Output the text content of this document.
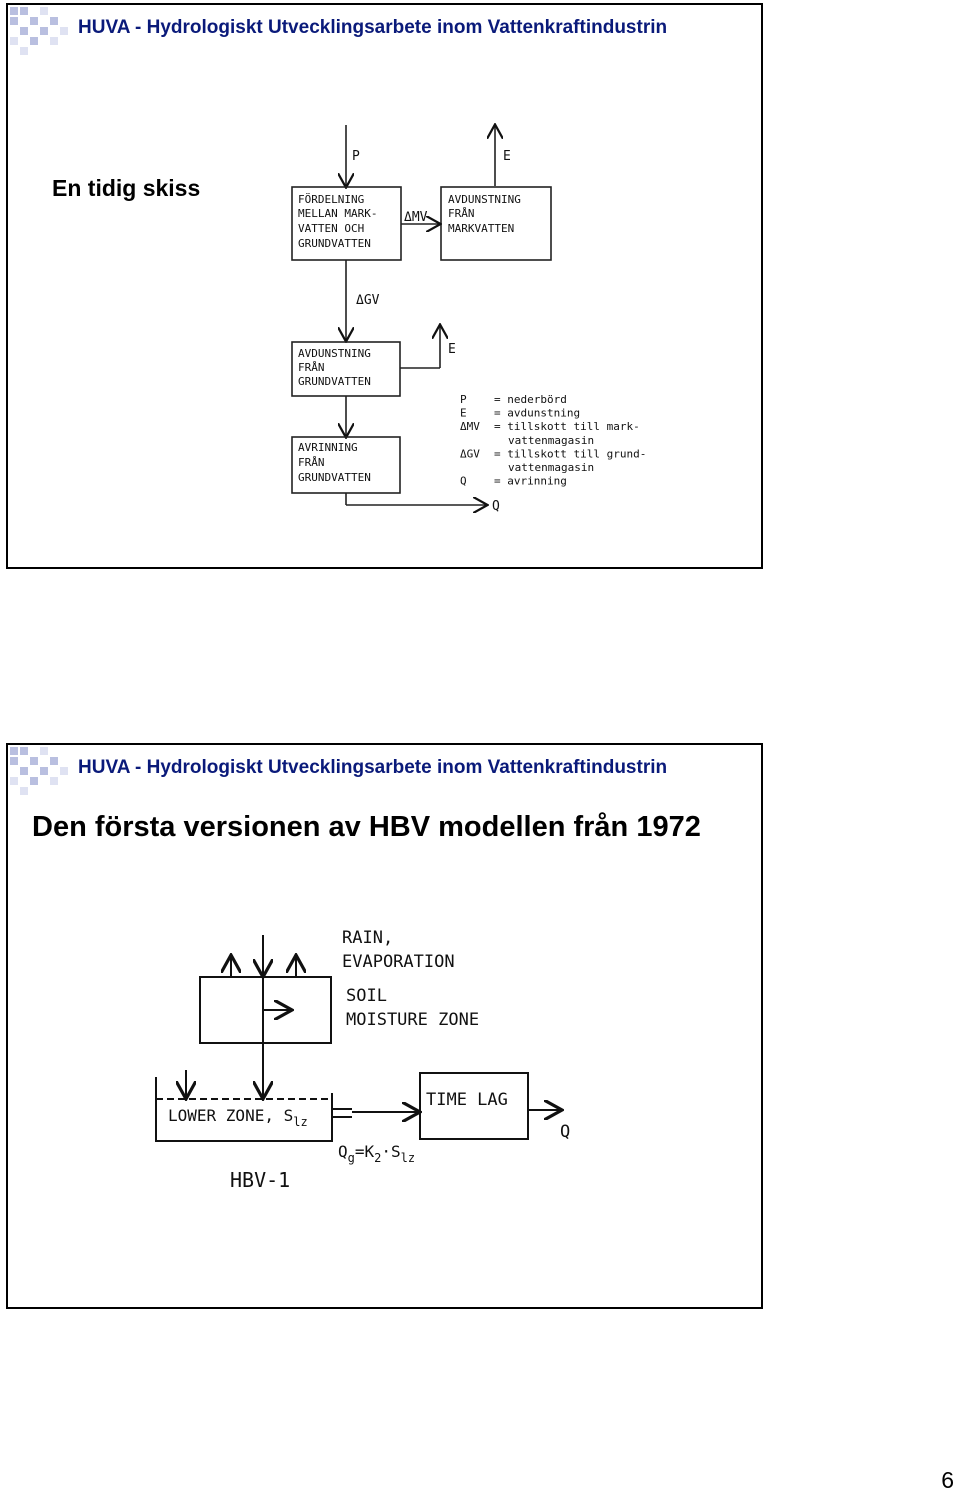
HUVA - Hydrologiskt Utvecklingsarbete inom Vattenkraftindustrin
En tidig skiss
P	E
ΔMV
ΔGV
E
Q
FÖRDELNING
MELLAN MARK-
VATTEN OCH
GRUNDVATTEN
AVDUNSTNING
FRÅN
MARKVATTEN
AVDUNSTNING
FRÅN
GRUNDVATTEN
AVRINNING
FRÅN
GRUNDVATTEN
P = nederbörd
E = avdunstning
ΔMV = tillskott till mark-
vattenmagasin
ΔGV = tillskott till grund-
vattenmagasin
Q = avrinning
HUVA - Hydrologiskt Utvecklingsarbete inom Vattenkraftindustrin
Den första versionen av HBV modellen från 1972
RAIN,
EVAPORATION
SOIL
MOISTURE ZONE
LOWER ZONE, $S_{lz}$
TIME LAG
Q
$Q_g=K_2\cdot S_{lz}$
HBV-1
6
